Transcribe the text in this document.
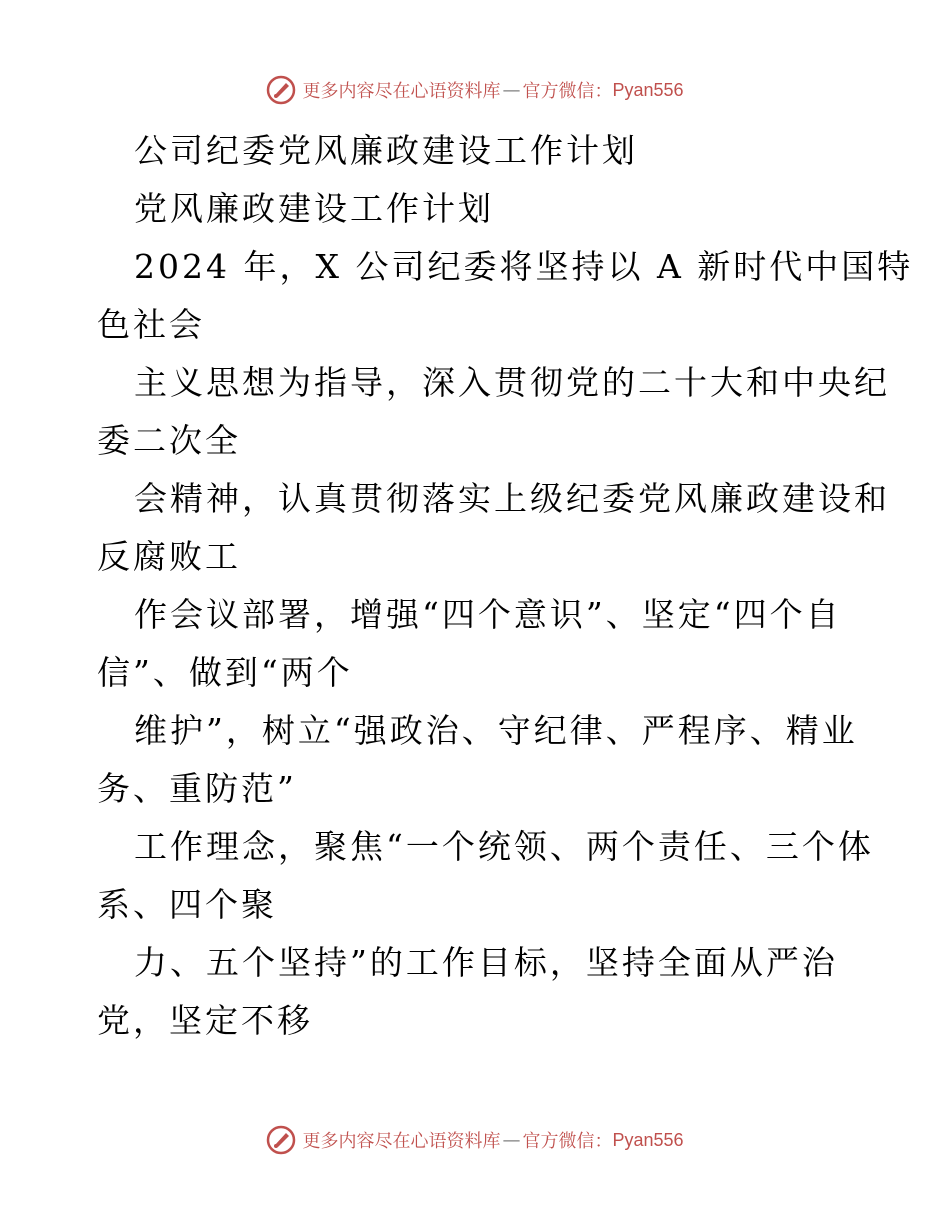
更多内容尽在心语资料库 — 官方微信： Pyan556
公司纪委党风廉政建设工作计划
党风廉政建设工作计划
2024 年，X 公司纪委将坚持以 A 新时代中国特
色社会
主义思想为指导，深入贯彻党的二十大和中央纪
委二次全
会精神，认真贯彻落实上级纪委党风廉政建设和
反腐败工
作会议部署，增强“四个意识”、坚定“四个自
信”、做到“两个
维护”，树立“强政治、守纪律、严程序、精业
务、重防范”
工作理念，聚焦“一个统领、两个责任、三个体
系、四个聚
力、五个坚持”的工作目标，坚持全面从严治
党，坚定不移
更多内容尽在心语资料库 — 官方微信： Pyan556
